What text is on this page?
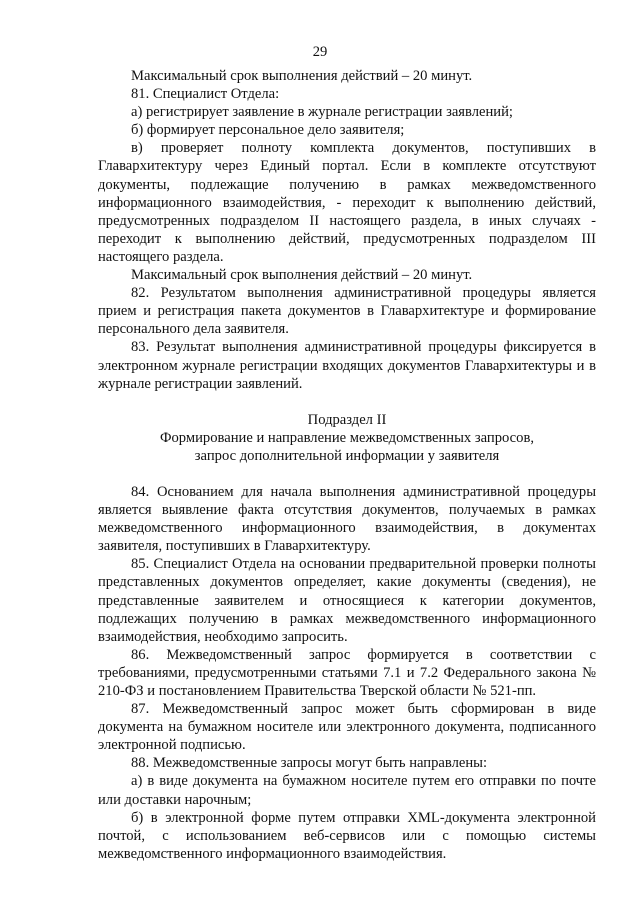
29

Максимальный срок выполнения действий – 20 минут.

81. Специалист Отдела:

а) регистрирует заявление в журнале регистрации заявлений;

б) формирует персональное дело заявителя;

в) проверяет полноту комплекта документов, поступивших в Главархитектуру через Единый портал. Если в комплекте отсутствуют документы, подлежащие получению в рамках межведомственного информационного взаимодействия, - переходит к выполнению действий, предусмотренных подразделом II настоящего раздела, в иных случаях - переходит к выполнению действий, предусмотренных подразделом III настоящего раздела.

Максимальный срок выполнения действий – 20 минут.

82. Результатом выполнения административной процедуры является прием и регистрация пакета документов в Главархитектуре и формирование персонального дела заявителя.

83. Результат выполнения административной процедуры фиксируется в электронном журнале регистрации входящих документов Главархитектуры и в журнале регистрации заявлений.

Подраздел II

Формирование и направление межведомственных запросов,

запрос дополнительной информации у заявителя

84. Основанием для начала выполнения административной процедуры является выявление факта отсутствия документов, получаемых в рамках межведомственного информационного взаимодействия, в документах заявителя, поступивших в Главархитектуру.

85. Специалист Отдела на основании предварительной проверки полноты представленных документов определяет, какие документы (сведения), не представленные заявителем и относящиеся к категории документов, подлежащих получению в рамках межведомственного информационного взаимодействия, необходимо запросить.

86. Межведомственный запрос формируется в соответствии с требованиями, предусмотренными статьями 7.1 и 7.2 Федерального закона № 210-ФЗ и постановлением Правительства Тверской области № 521-пп.

87. Межведомственный запрос может быть сформирован в виде документа на бумажном носителе или электронного документа, подписанного электронной подписью.

88. Межведомственные запросы могут быть направлены:

а) в виде документа на бумажном носителе путем его отправки по почте или доставки нарочным;

б) в электронной форме путем отправки XML-документа электронной почтой, с использованием веб-сервисов или с помощью системы межведомственного информационного взаимодействия.
